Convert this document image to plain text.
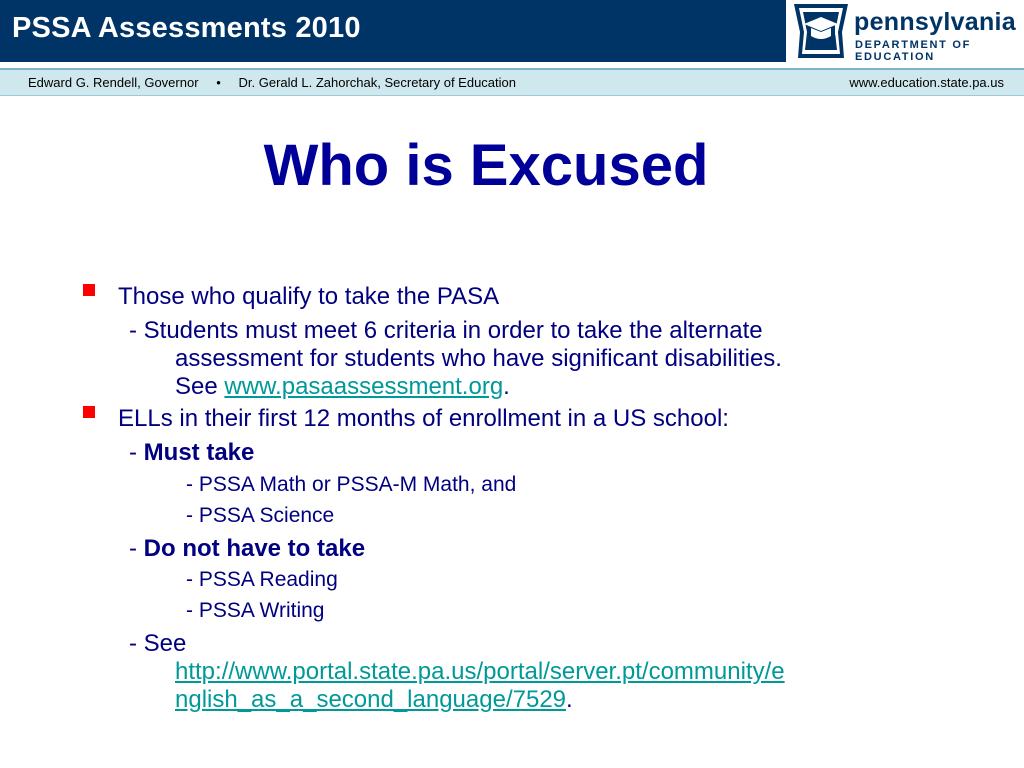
PSSA Assessments 2010	pennsylvania
DEPARTMENT OF EDUCATION
Edward G. Rendell, Governor • Dr. Gerald L. Zahorchak, Secretary of Education	www.education.state.pa.us
Who is Excused
Those who qualify to take the PASA
- Students must meet 6 criteria in order to take the alternate
assessment for students who have significant disabilities.
See www.pasaassessment.org.
ELLs in their first 12 months of enrollment in a US school:
- Must take
- PSSA Math or PSSA-M Math, and
- PSSA Science
- Do not have to take
- PSSA Reading
- PSSA Writing
- See
http://www.portal.state.pa.us/portal/server.pt/community/e
nglish_as_a_second_language/7529.
